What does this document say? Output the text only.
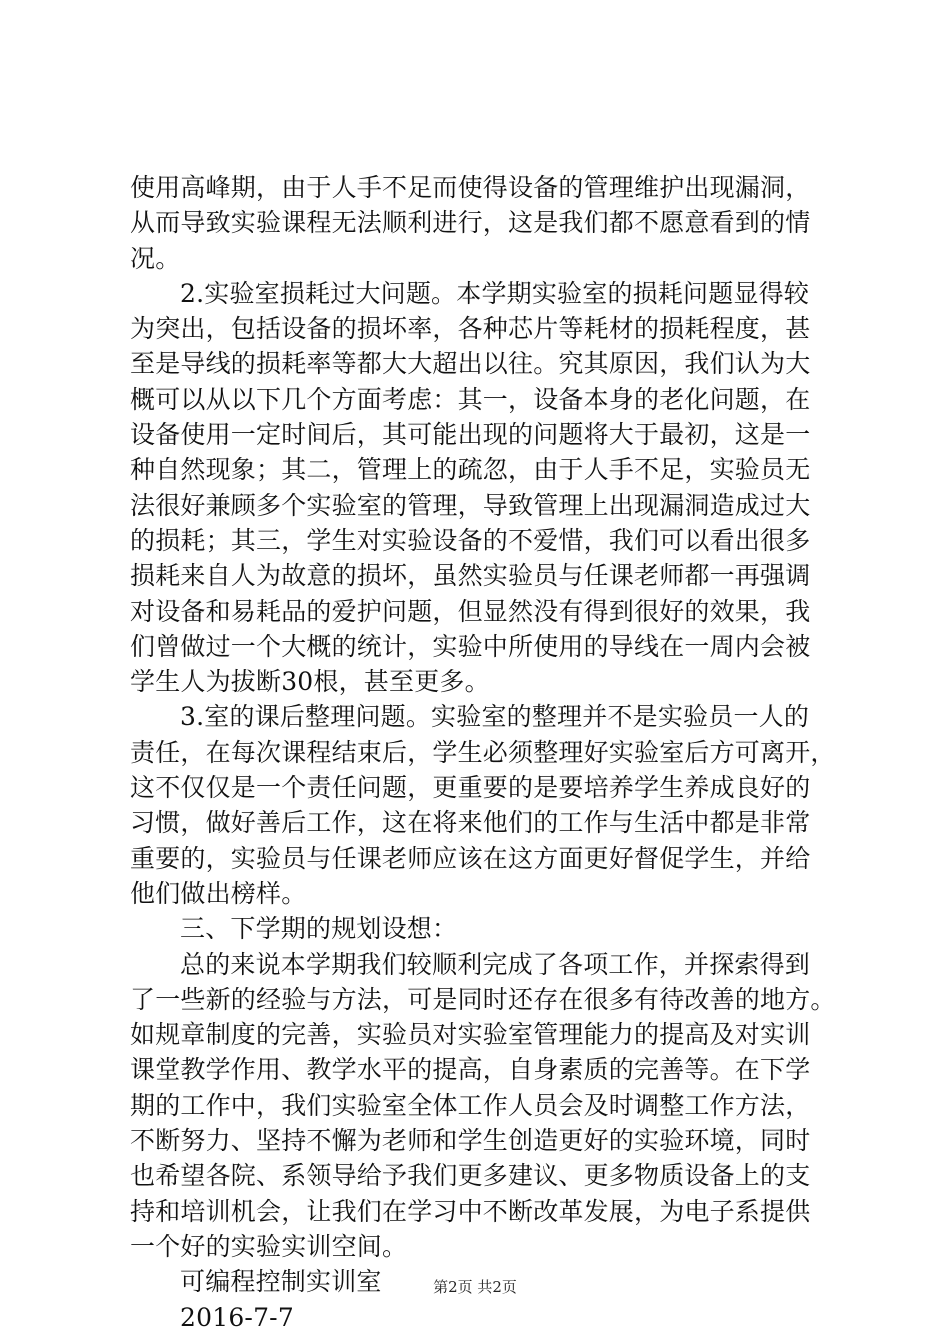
使用高峰期，由于人手不足而使得设备的管理维护出现漏洞，
从而导致实验课程无法顺利进行，这是我们都不愿意看到的情
况。
2.实验室损耗过大问题。本学期实验室的损耗问题显得较
为突出，包括设备的损坏率，各种芯片等耗材的损耗程度，甚
至是导线的损耗率等都大大超出以往。究其原因，我们认为大
概可以从以下几个方面考虑：其一，设备本身的老化问题，在
设备使用一定时间后，其可能出现的问题将大于最初，这是一
种自然现象；其二，管理上的疏忽，由于人手不足，实验员无
法很好兼顾多个实验室的管理，导致管理上出现漏洞造成过大
的损耗；其三，学生对实验设备的不爱惜，我们可以看出很多
损耗来自人为故意的损坏，虽然实验员与任课老师都一再强调
对设备和易耗品的爱护问题，但显然没有得到很好的效果，我
们曾做过一个大概的统计，实验中所使用的导线在一周内会被
学生人为拔断30根，甚至更多。
3.室的课后整理问题。实验室的整理并不是实验员一人的
责任，在每次课程结束后，学生必须整理好实验室后方可离开，
这不仅仅是一个责任问题，更重要的是要培养学生养成良好的
习惯，做好善后工作，这在将来他们的工作与生活中都是非常
重要的，实验员与任课老师应该在这方面更好督促学生，并给
他们做出榜样。
三、下学期的规划设想：
总的来说本学期我们较顺利完成了各项工作，并探索得到
了一些新的经验与方法，可是同时还存在很多有待改善的地方。
如规章制度的完善，实验员对实验室管理能力的提高及对实训
课堂教学作用、教学水平的提高，自身素质的完善等。在下学
期的工作中，我们实验室全体工作人员会及时调整工作方法，
不断努力、坚持不懈为老师和学生创造更好的实验环境，同时
也希望各院、系领导给予我们更多建议、更多物质设备上的支
持和培训机会，让我们在学习中不断改革发展，为电子系提供
一个好的实验实训空间。
可编程控制实训室
2016-7-7
第2页 共2页
